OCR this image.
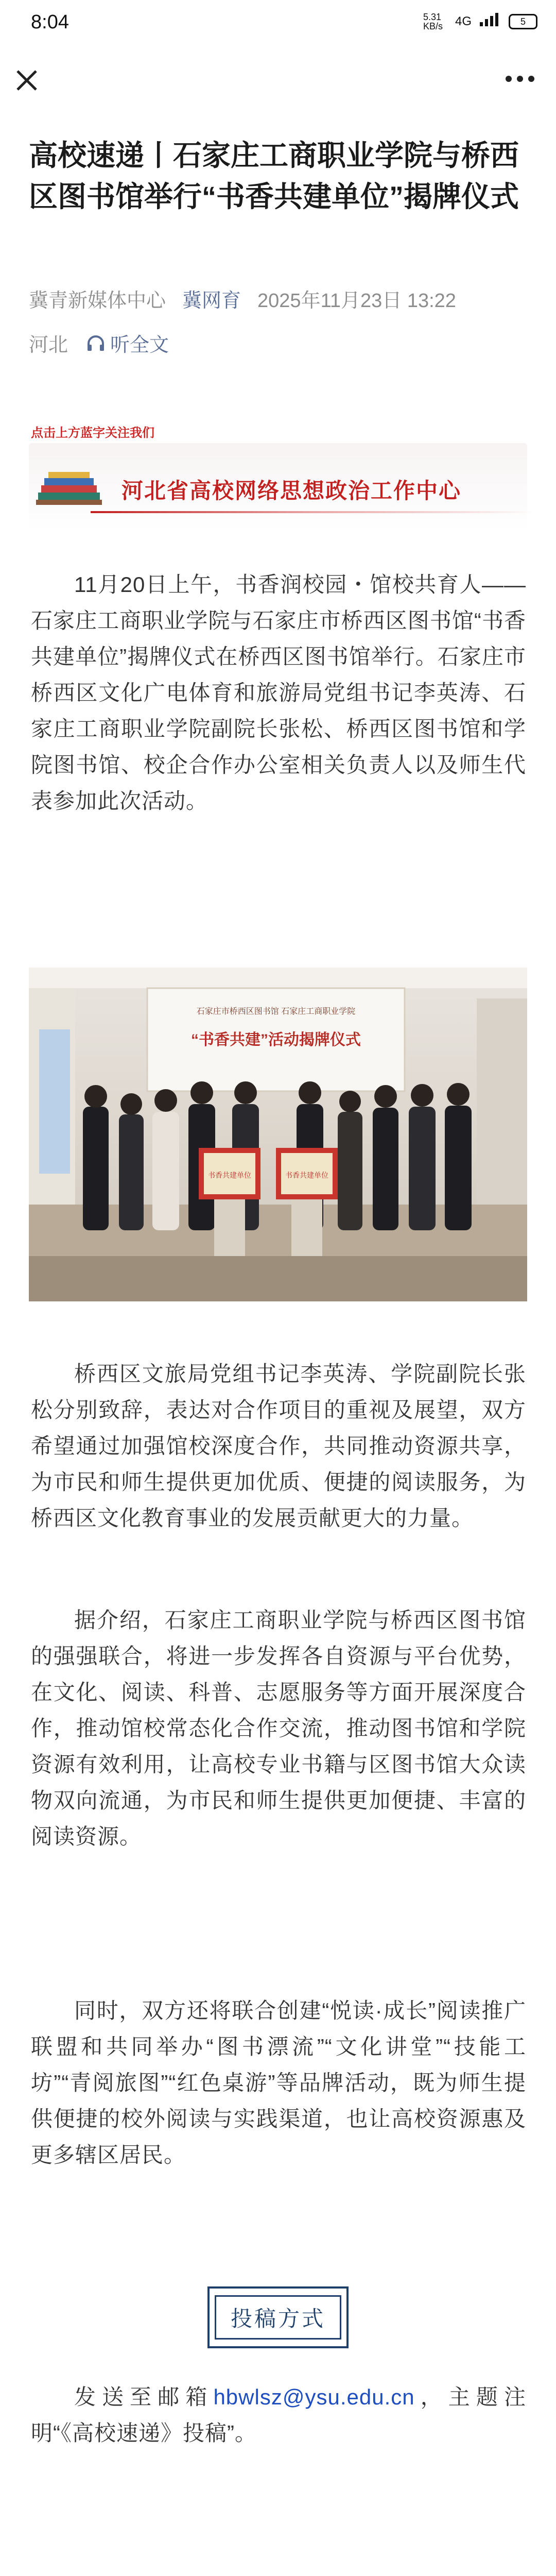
8:04	5.31 KB/s 4G	5
高校速递丨石家庄工商职业学院与桥西区图书馆举行“书香共建单位”揭牌仪式
冀青新媒体中心 冀网育 2025年11月23日 13:22
河北 听全文
点击上方蓝字关注我们
河北省高校网络思想政治工作中心

11月20日上午，书香润校园・馆校共育人——石家庄工商职业学院与石家庄市桥西区图书馆“书香共建单位”揭牌仪式在桥西区图书馆举行。石家庄市桥西区文化广电体育和旅游局党组书记李英涛、石家庄工商职业学院副院长张松、桥西区图书馆和学院图书馆、校企合作办公室相关负责人以及师生代表参加此次活动。

石家庄市桥西区图书馆 石家庄工商职业学院
“书香共建”活动揭牌仪式
书香共建单位	书香共建单位

桥西区文旅局党组书记李英涛、学院副院长张松分别致辞，表达对合作项目的重视及展望，双方希望通过加强馆校深度合作，共同推动资源共享，为市民和师生提供更加优质、便捷的阅读服务，为桥西区文化教育事业的发展贡献更大的力量。

据介绍，石家庄工商职业学院与桥西区图书馆的强强联合，将进一步发挥各自资源与平台优势，在文化、阅读、科普、志愿服务等方面开展深度合作，推动馆校常态化合作交流，推动图书馆和学院资源有效利用，让高校专业书籍与区图书馆大众读物双向流通，为市民和师生提供更加便捷、丰富的阅读资源。

同时，双方还将联合创建“悦读·成长”阅读推广联盟和共同举办“图书漂流”“文化讲堂”“技能工坊”“青阅旅图”“红色桌游”等品牌活动，既为师生提供便捷的校外阅读与实践渠道，也让高校资源惠及更多辖区居民。

投稿方式

发送至邮箱hbwlsz@ysu.edu.cn，主题注明“《高校速递》投稿”。
